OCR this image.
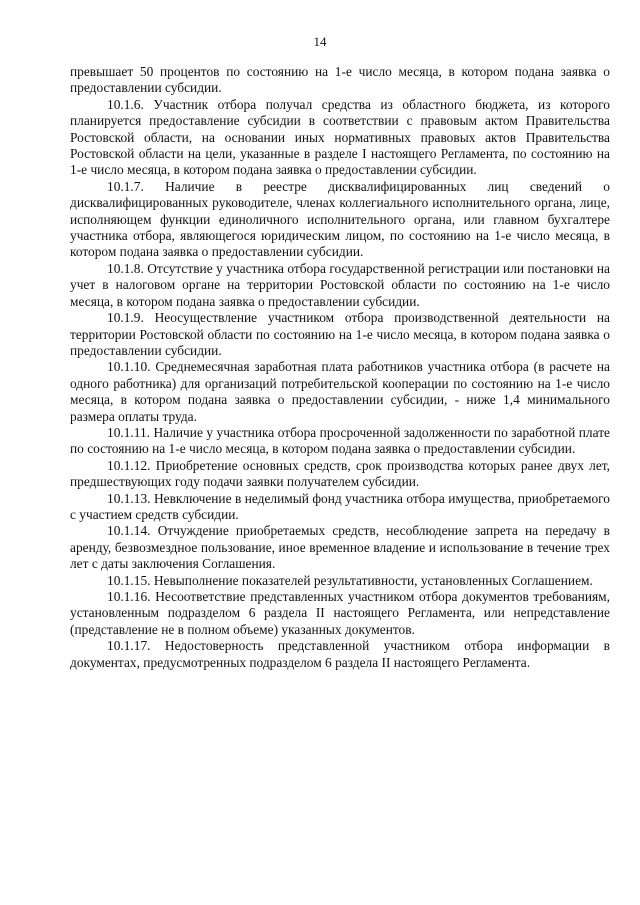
14

превышает 50 процентов по состоянию на 1-е число месяца, в котором подана заявка о предоставлении субсидии.

10.1.6. Участник отбора получал средства из областного бюджета, из которого планируется предоставление субсидии в соответствии с правовым актом Правительства Ростовской области, на основании иных нормативных правовых актов Правительства Ростовской области на цели, указанные в разделе I настоящего Регламента, по состоянию на 1-е число месяца, в котором подана заявка о предоставлении субсидии.

10.1.7. Наличие в реестре дисквалифицированных лиц сведений о дисквалифицированных руководителе, членах коллегиального исполнительного органа, лице, исполняющем функции единоличного исполнительного органа, или главном бухгалтере участника отбора, являющегося юридическим лицом, по состоянию на 1-е число месяца, в котором подана заявка о предоставлении субсидии.

10.1.8. Отсутствие у участника отбора государственной регистрации или постановки на учет в налоговом органе на территории Ростовской области по состоянию на 1-е число месяца, в котором подана заявка о предоставлении субсидии.

10.1.9. Неосуществление участником отбора производственной деятельности на территории Ростовской области по состоянию на 1-е число месяца, в котором подана заявка о предоставлении субсидии.

10.1.10. Среднемесячная заработная плата работников участника отбора (в расчете на одного работника) для организаций потребительской кооперации по состоянию на 1-е число месяца, в котором подана заявка о предоставлении субсидии, - ниже 1,4 минимального размера оплаты труда.

10.1.11. Наличие у участника отбора просроченной задолженности по заработной плате по состоянию на 1-е число месяца, в котором подана заявка о предоставлении субсидии.

10.1.12. Приобретение основных средств, срок производства которых ранее двух лет, предшествующих году подачи заявки получателем субсидии.

10.1.13. Невключение в неделимый фонд участника отбора имущества, приобретаемого с участием средств субсидии.

10.1.14. Отчуждение приобретаемых средств, несоблюдение запрета на передачу в аренду, безвозмездное пользование, иное временное владение и использование в течение трех лет с даты заключения Соглашения.

10.1.15. Невыполнение показателей результативности, установленных Соглашением.

10.1.16. Несоответствие представленных участником отбора документов требованиям, установленным подразделом 6 раздела II настоящего Регламента, или непредставление (представление не в полном объеме) указанных документов.

10.1.17. Недостоверность представленной участником отбора информации в документах, предусмотренных подразделом 6 раздела II настоящего Регламента.
